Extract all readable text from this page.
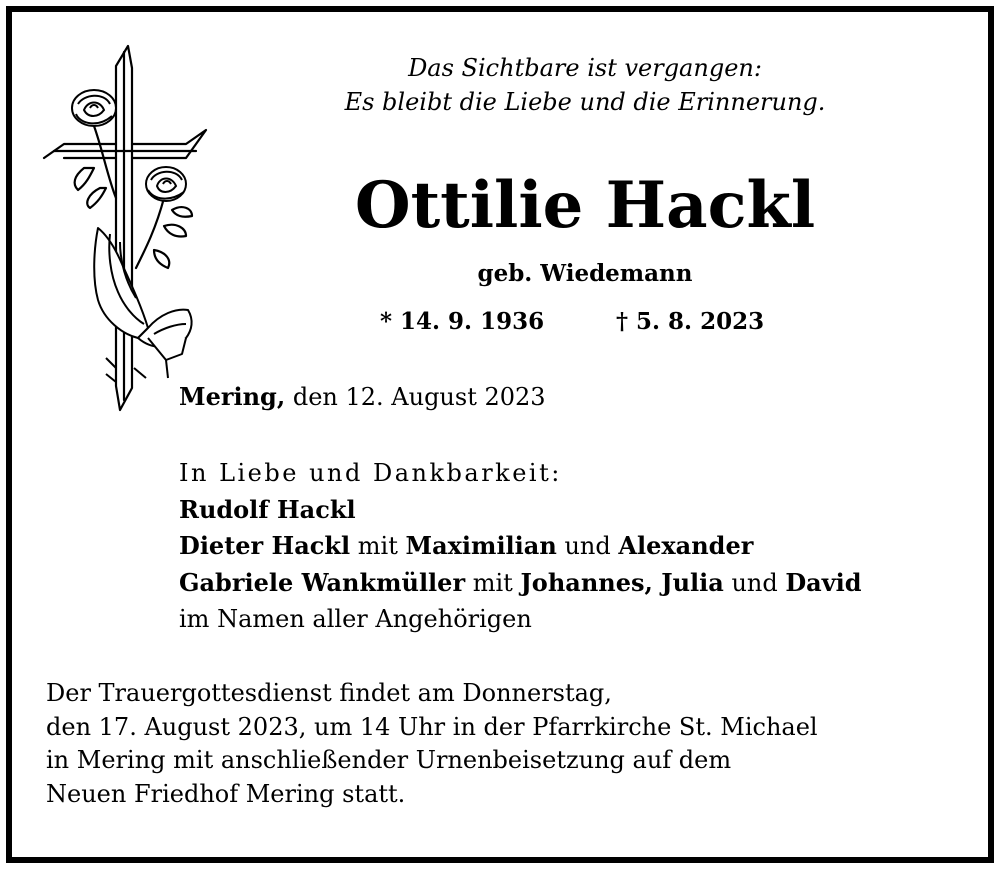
Das Sichtbare ist vergangen:
Es bleibt die Liebe und die Erinnerung.
Ottilie Hackl
geb. Wiedemann
* 14. 9. 1936	† 5. 8. 2023
Mering, den 12. August 2023
In Liebe und Dankbarkeit:
Rudolf Hackl
Dieter Hackl mit Maximilian und Alexander
Gabriele Wankmüller mit Johannes, Julia und David
im Namen aller Angehörigen
Der Trauergottesdienst findet am Donnerstag,
den 17. August 2023, um 14 Uhr in der Pfarrkirche St. Michael
in Mering mit anschließender Urnenbeisetzung auf dem
Neuen Friedhof Mering statt.
